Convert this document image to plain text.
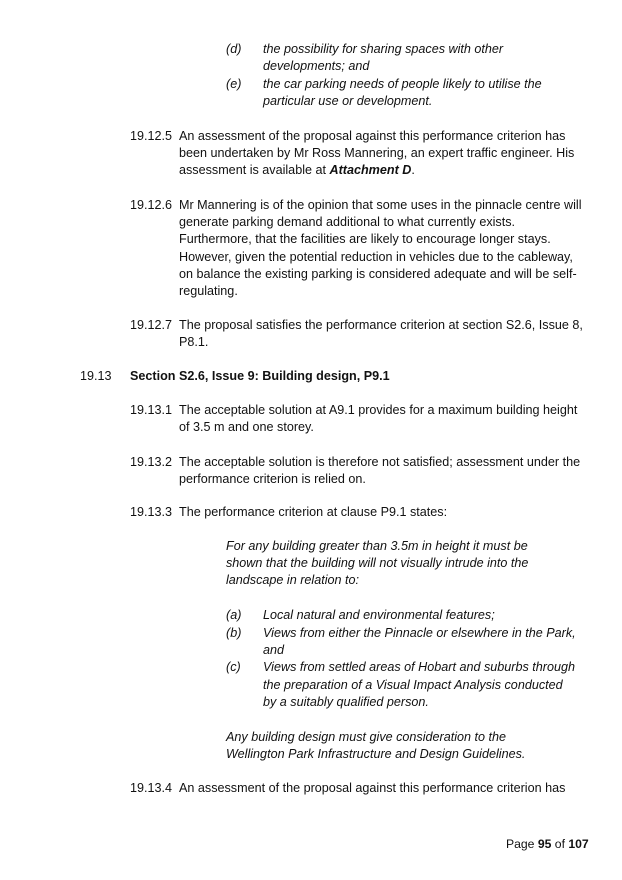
(d) the possibility for sharing spaces with other
developments; and
(e) the car parking needs of people likely to utilise the
particular use or development.
19.12.5 An assessment of the proposal against this performance criterion has
been undertaken by Mr Ross Mannering, an expert traffic engineer. His
assessment is available at Attachment D.
19.12.6 Mr Mannering is of the opinion that some uses in the pinnacle centre will
generate parking demand additional to what currently exists.
Furthermore, that the facilities are likely to encourage longer stays.
However, given the potential reduction in vehicles due to the cableway,
on balance the existing parking is considered adequate and will be self-
regulating.
19.12.7 The proposal satisfies the performance criterion at section S2.6, Issue 8,
P8.1.
19.13 Section S2.6, Issue 9: Building design, P9.1
19.13.1 The acceptable solution at A9.1 provides for a maximum building height
of 3.5 m and one storey.
19.13.2 The acceptable solution is therefore not satisfied; assessment under the
performance criterion is relied on.
19.13.3 The performance criterion at clause P9.1 states:
For any building greater than 3.5m in height it must be
shown that the building will not visually intrude into the
landscape in relation to:
(a) Local natural and environmental features;
(b) Views from either the Pinnacle or elsewhere in the Park,
and
(c) Views from settled areas of Hobart and suburbs through
the preparation of a Visual Impact Analysis conducted
by a suitably qualified person.
Any building design must give consideration to the
Wellington Park Infrastructure and Design Guidelines.
19.13.4 An assessment of the proposal against this performance criterion has
Page 95 of 107
